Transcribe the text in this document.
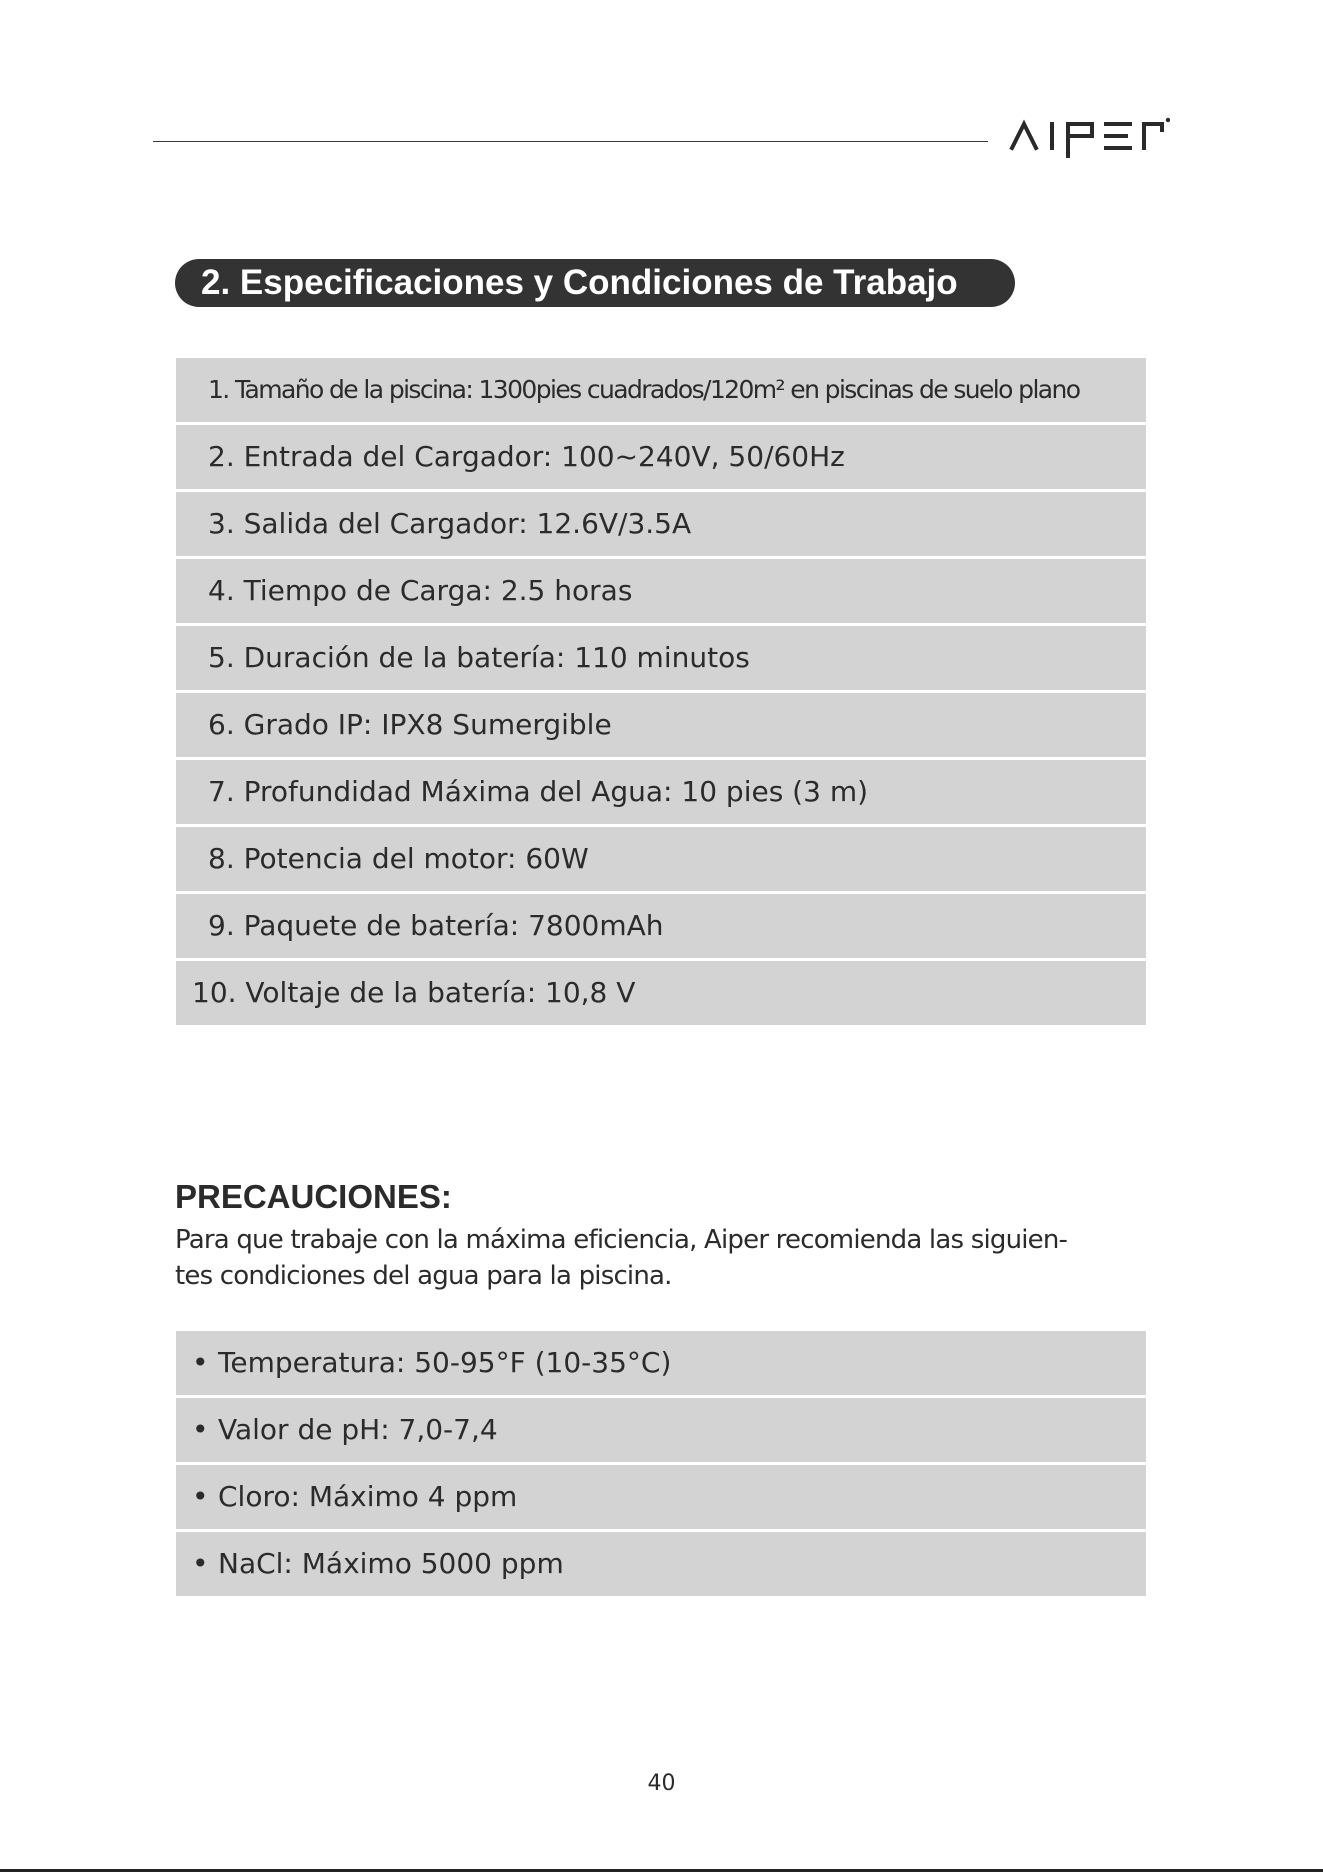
2. Especificaciones y Condiciones de Trabajo
1. Tamaño de la piscina: 1300pies cuadrados/120m² en piscinas de suelo plano
2. Entrada del Cargador: 100~240V, 50/60Hz
3. Salida del Cargador: 12.6V/3.5A
4. Tiempo de Carga: 2.5 horas
5. Duración de la batería: 110 minutos
6. Grado IP: IPX8 Sumergible
7. Profundidad Máxima del Agua: 10 pies (3 m)
8. Potencia del motor: 60W
9. Paquete de batería: 7800mAh
10. Voltaje de la batería: 10,8 V
PRECAUCIONES:
Para que trabaje con la máxima eficiencia, Aiper recomienda las siguien-
tes condiciones del agua para la piscina.
• Temperatura: 50-95°F (10-35°C)
• Valor de pH: 7,0-7,4
• Cloro: Máximo 4 ppm
• NaCl: Máximo 5000 ppm
40
